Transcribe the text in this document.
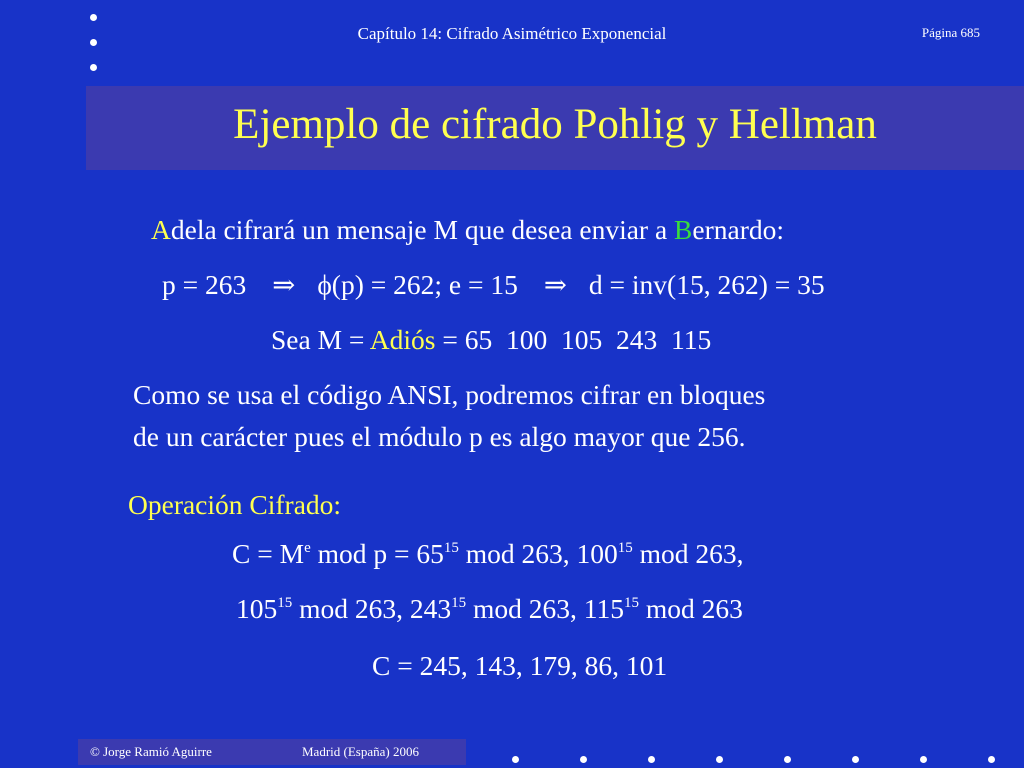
Capítulo 14: Cifrado Asimétrico Exponencial	Página 685
Ejemplo de cifrado Pohlig y Hellman
Adela cifrará un mensaje M que desea enviar a Bernardo:
p = 263 ⇒ ϕ(p) = 262; e = 15 ⇒ d = inv(15, 262) = 35
Sea M = Adiós = 65  100  105  243  115
Como se usa el código ANSI, podremos cifrar en bloques
de un carácter pues el módulo p es algo mayor que 256.
Operación Cifrado:
$C = M^e$ mod $p = 65^{15}$ mod 263, $100^{15}$ mod 263,
$105^{15}$ mod 263, $243^{15}$ mod 263, $115^{15}$ mod 263
C = 245, 143, 179, 86, 101
© Jorge Ramió Aguirre	Madrid (España) 2006
